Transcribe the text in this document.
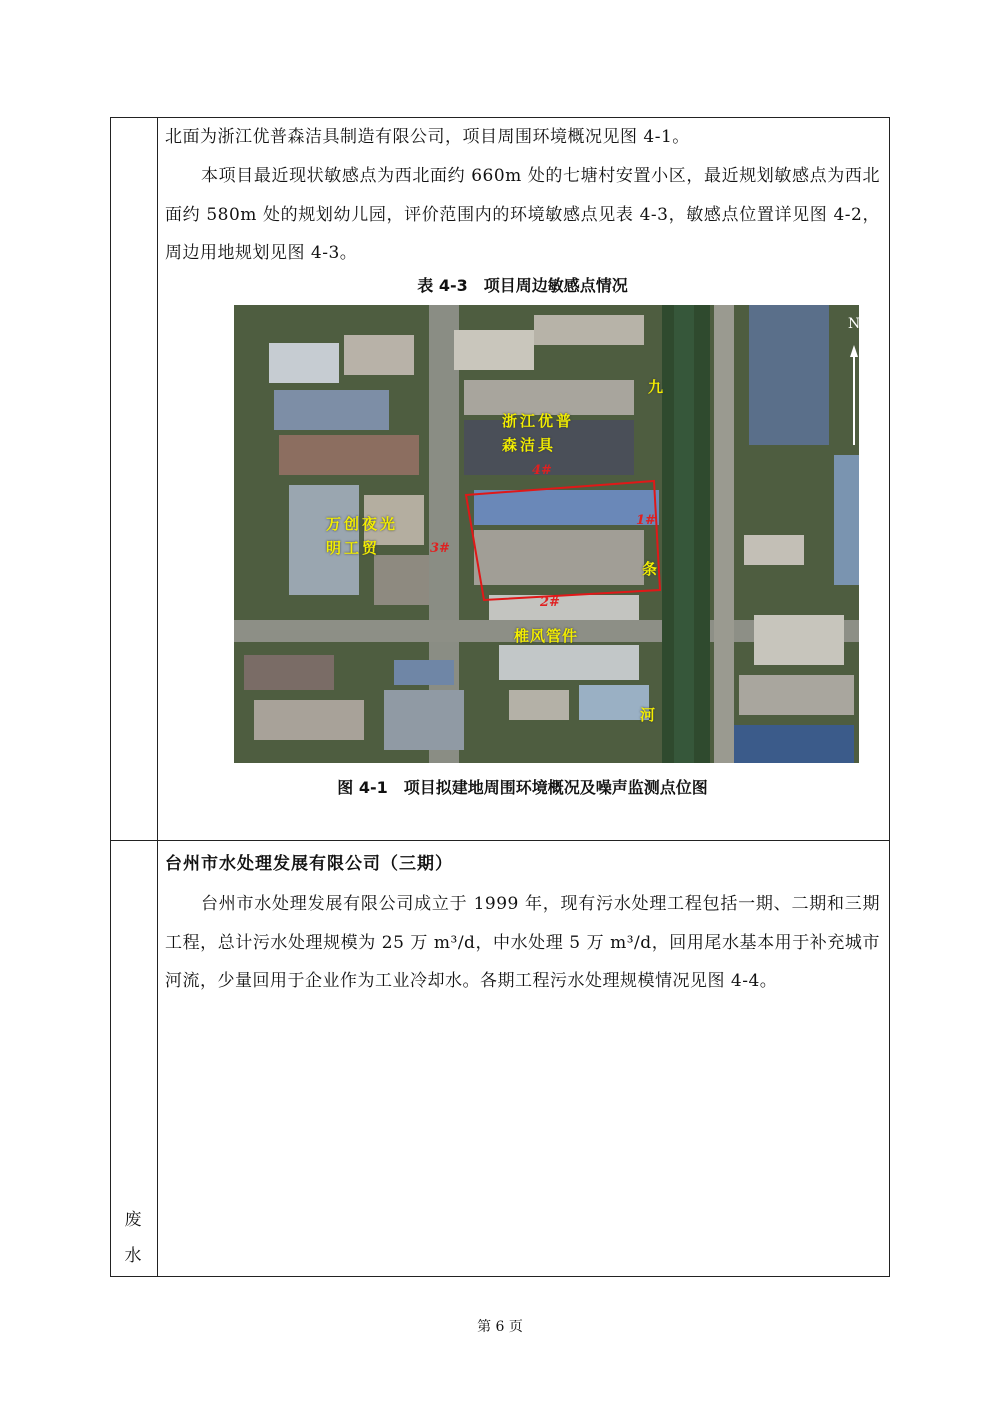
北面为浙江优普森洁具制造有限公司，项目周围环境概况见图 4-1。
本项目最近现状敏感点为西北面约 660m 处的七塘村安置小区，最近规划敏感点为西北面约 580m 处的规划幼儿园，评价范围内的环境敏感点见表 4-3，敏感点位置详见图 4-2，周边用地规划见图 4-3。
表 4-3　项目周边敏感点情况
浙江优普森洁具
万创夜光明工贸
椎风管件
九
条
河
1#
2#
3#
4#
N
图 4-1　项目拟建地周围环境概况及噪声监测点位图
台州市水处理发展有限公司（三期）
台州市水处理发展有限公司成立于 1999 年，现有污水处理工程包括一期、二期和三期工程，总计污水处理规模为 25 万 m³/d，中水处理 5 万 m³/d，回用尾水基本用于补充城市河流，少量回用于企业作为工业冷却水。各期工程污水处理规模情况见图 4-4。
废
水
第 6 页
